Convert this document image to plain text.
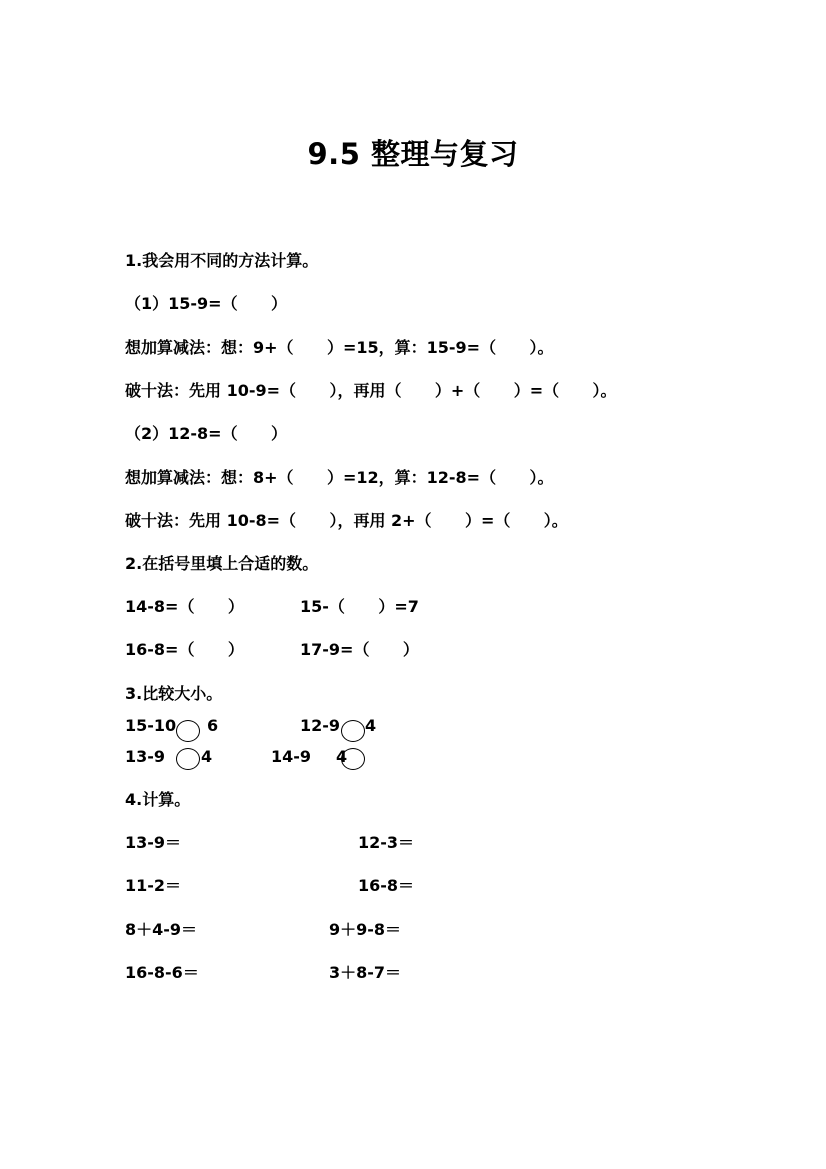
9.5 整理与复习
1.我会用不同的方法计算。
（1）15-9=（      ）
想加算减法：想：9+（      ）=15，算：15-9=（      ）。
破十法：先用 10-9=（      ），再用（      ）+（      ）=（      ）。
（2）12-8=（      ）
想加算减法：想：8+（      ）=12，算：12-8=（      ）。
破十法：先用 10-8=（      ），再用 2+（      ）=（      ）。
2.在括号里填上合适的数。
14-8=（      ）	15-（      ）=7
16-8=（      ）	17-9=（      ）
3.比较大小。
15-10 6	12-9 4
13-9 4	14-9 4
4.计算。
13-9＝	12-3＝
11-2＝	16-8＝
8＋4-9＝	9＋9-8＝
16-8-6＝	3＋8-7＝
